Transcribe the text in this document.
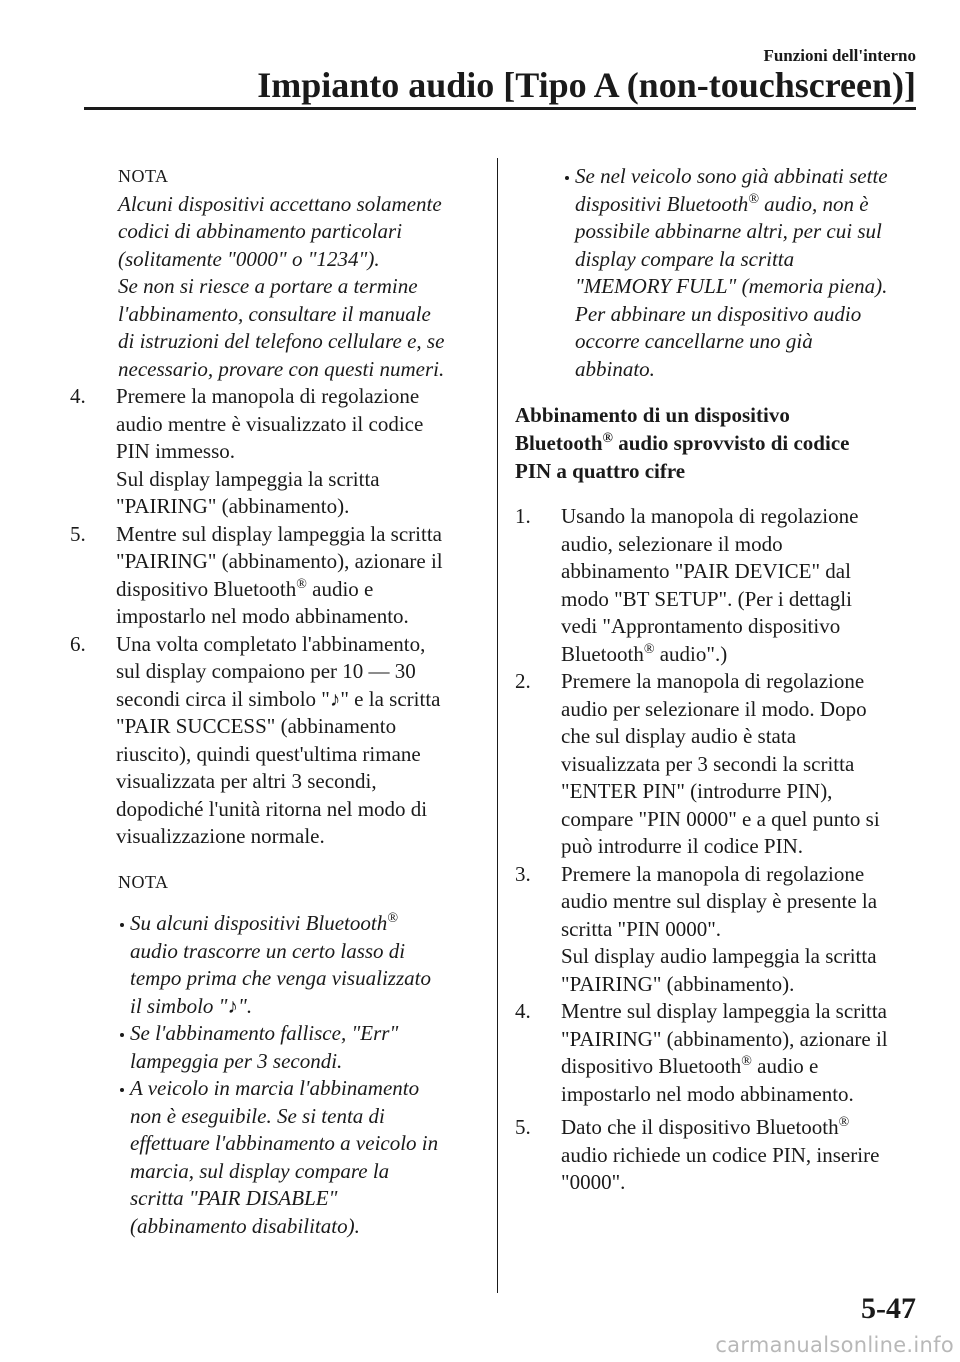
Funzioni dell'interno
Impianto audio [Tipo A (non-touchscreen)]
NOTA
Alcuni dispositivi accettano solamente
codici di abbinamento particolari
(solitamente "0000" o "1234").
Se non si riesce a portare a termine
l'abbinamento, consultare il manuale
di istruzioni del telefono cellulare e, se
necessario, provare con questi numeri.
4.	Premere la manopola di regolazione
audio mentre è visualizzato il codice
PIN immesso.
Sul display lampeggia la scritta
"PAIRING" (abbinamento).
5.	Mentre sul display lampeggia la scritta
"PAIRING" (abbinamento), azionare il
dispositivo Bluetooth® audio e
impostarlo nel modo abbinamento.
6.	Una volta completato l'abbinamento,
sul display compaiono per 10 — 30
secondi circa il simbolo "♪" e la scritta
"PAIR SUCCESS" (abbinamento
riuscito), quindi quest'ultima rimane
visualizzata per altri 3 secondi,
dopodiché l'unità ritorna nel modo di
visualizzazione normale.
NOTA
Su alcuni dispositivi Bluetooth®
audio trascorre un certo lasso di
tempo prima che venga visualizzato
il simbolo "♪".
Se l'abbinamento fallisce, "Err"
lampeggia per 3 secondi.
A veicolo in marcia l'abbinamento
non è eseguibile. Se si tenta di
effettuare l'abbinamento a veicolo in
marcia, sul display compare la
scritta "PAIR DISABLE"
(abbinamento disabilitato).
Se nel veicolo sono già abbinati sette
dispositivi Bluetooth® audio, non è
possibile abbinarne altri, per cui sul
display compare la scritta
"MEMORY FULL" (memoria piena).
Per abbinare un dispositivo audio
occorre cancellarne uno già
abbinato.
Abbinamento di un dispositivo
Bluetooth® audio sprovvisto di codice
PIN a quattro cifre
1.	Usando la manopola di regolazione
audio, selezionare il modo
abbinamento "PAIR DEVICE" dal
modo "BT SETUP". (Per i dettagli
vedi "Approntamento dispositivo
Bluetooth® audio".)
2.	Premere la manopola di regolazione
audio per selezionare il modo. Dopo
che sul display audio è stata
visualizzata per 3 secondi la scritta
"ENTER PIN" (introdurre PIN),
compare "PIN 0000" e a quel punto si
può introdurre il codice PIN.
3.	Premere la manopola di regolazione
audio mentre sul display è presente la
scritta "PIN 0000".
Sul display audio lampeggia la scritta
"PAIRING" (abbinamento).
4.	Mentre sul display lampeggia la scritta
"PAIRING" (abbinamento), azionare il
dispositivo Bluetooth® audio e
impostarlo nel modo abbinamento.
5.	Dato che il dispositivo Bluetooth®
audio richiede un codice PIN, inserire
"0000".
5-47
carmanualsonline.info
